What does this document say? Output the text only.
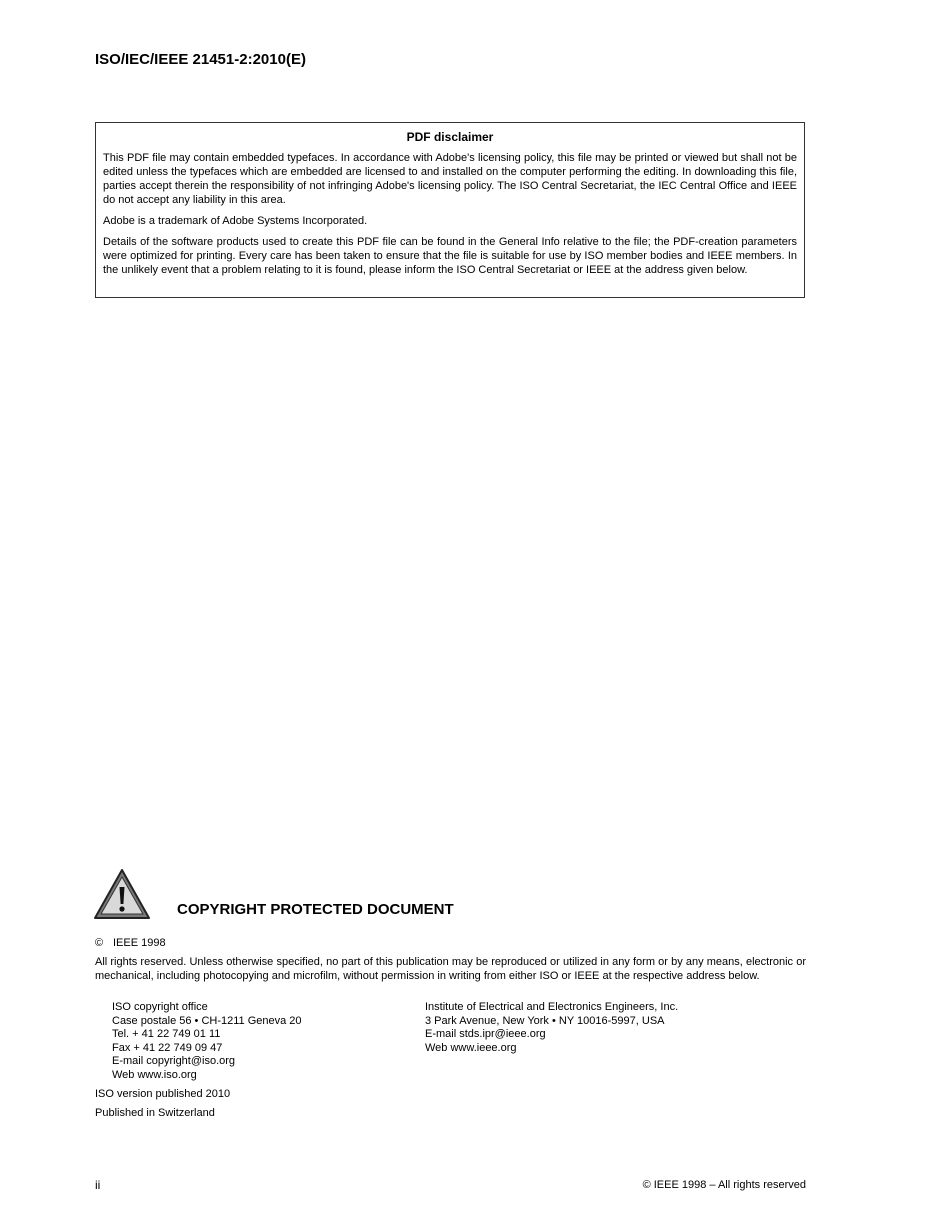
ISO/IEC/IEEE 21451-2:2010(E)
PDF disclaimer

This PDF file may contain embedded typefaces. In accordance with Adobe's licensing policy, this file may be printed or viewed but shall not be edited unless the typefaces which are embedded are licensed to and installed on the computer performing the editing. In downloading this file, parties accept therein the responsibility of not infringing Adobe's licensing policy. The ISO Central Secretariat, the IEC Central Office and IEEE do not accept any liability in this area.

Adobe is a trademark of Adobe Systems Incorporated.

Details of the software products used to create this PDF file can be found in the General Info relative to the file; the PDF-creation parameters were optimized for printing. Every care has been taken to ensure that the file is suitable for use by ISO member bodies and IEEE members. In the unlikely event that a problem relating to it is found, please inform the ISO Central Secretariat or IEEE at the address given below.

COPYRIGHT PROTECTED DOCUMENT
© IEEE 1998
All rights reserved. Unless otherwise specified, no part of this publication may be reproduced or utilized in any form or by any means, electronic or mechanical, including photocopying and microfilm, without permission in writing from either ISO or IEEE at the respective address below.
ISO copyright office
Case postale 56 • CH-1211 Geneva 20
Tel. + 41 22 749 01 11
Fax + 41 22 749 09 47
E-mail copyright@iso.org
Web www.iso.org
Institute of Electrical and Electronics Engineers, Inc.
3 Park Avenue, New York • NY 10016-5997, USA
E-mail stds.ipr@ieee.org
Web www.ieee.org
ISO version published 2010
Published in Switzerland
ii	© IEEE 1998 – All rights reserved
